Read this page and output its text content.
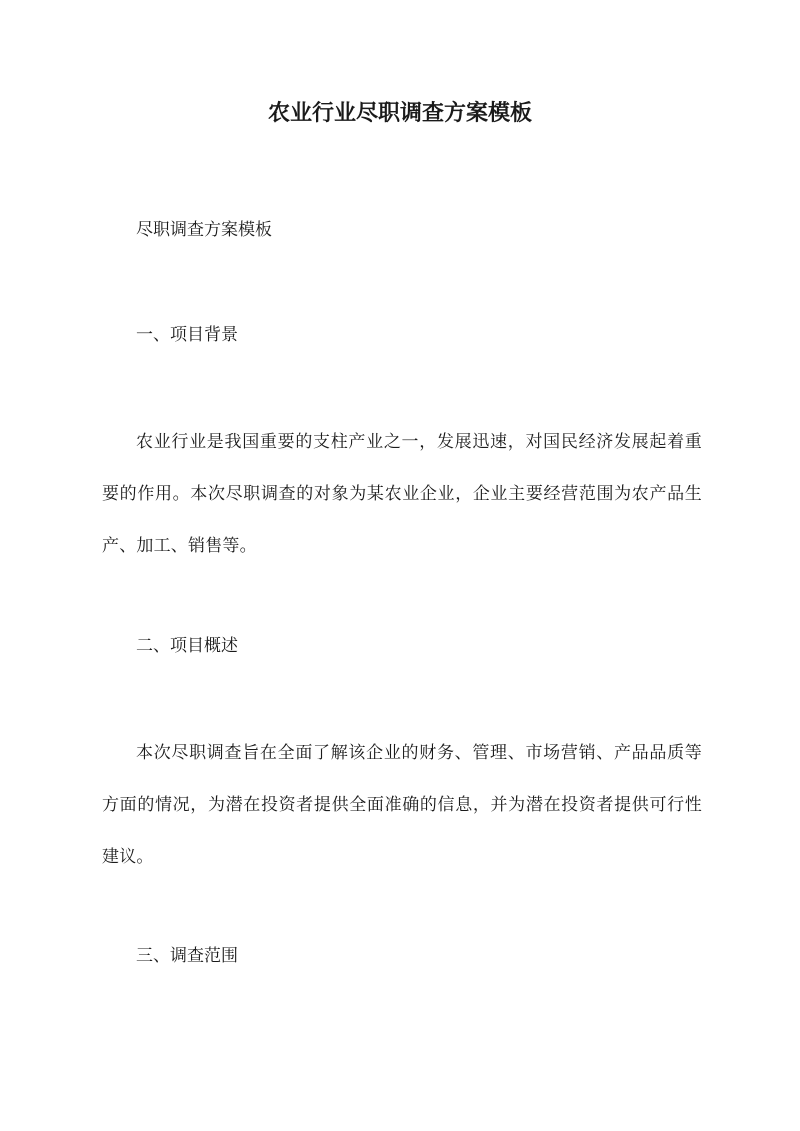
农业行业尽职调查方案模板

尽职调查方案模板

一、项目背景

农业行业是我国重要的支柱产业之一，发展迅速，对国民经济发展起着重要的作用。本次尽职调查的对象为某农业企业，企业主要经营范围为农产品生产、加工、销售等。

二、项目概述

本次尽职调查旨在全面了解该企业的财务、管理、市场营销、产品品质等方面的情况，为潜在投资者提供全面准确的信息，并为潜在投资者提供可行性建议。

三、调查范围
